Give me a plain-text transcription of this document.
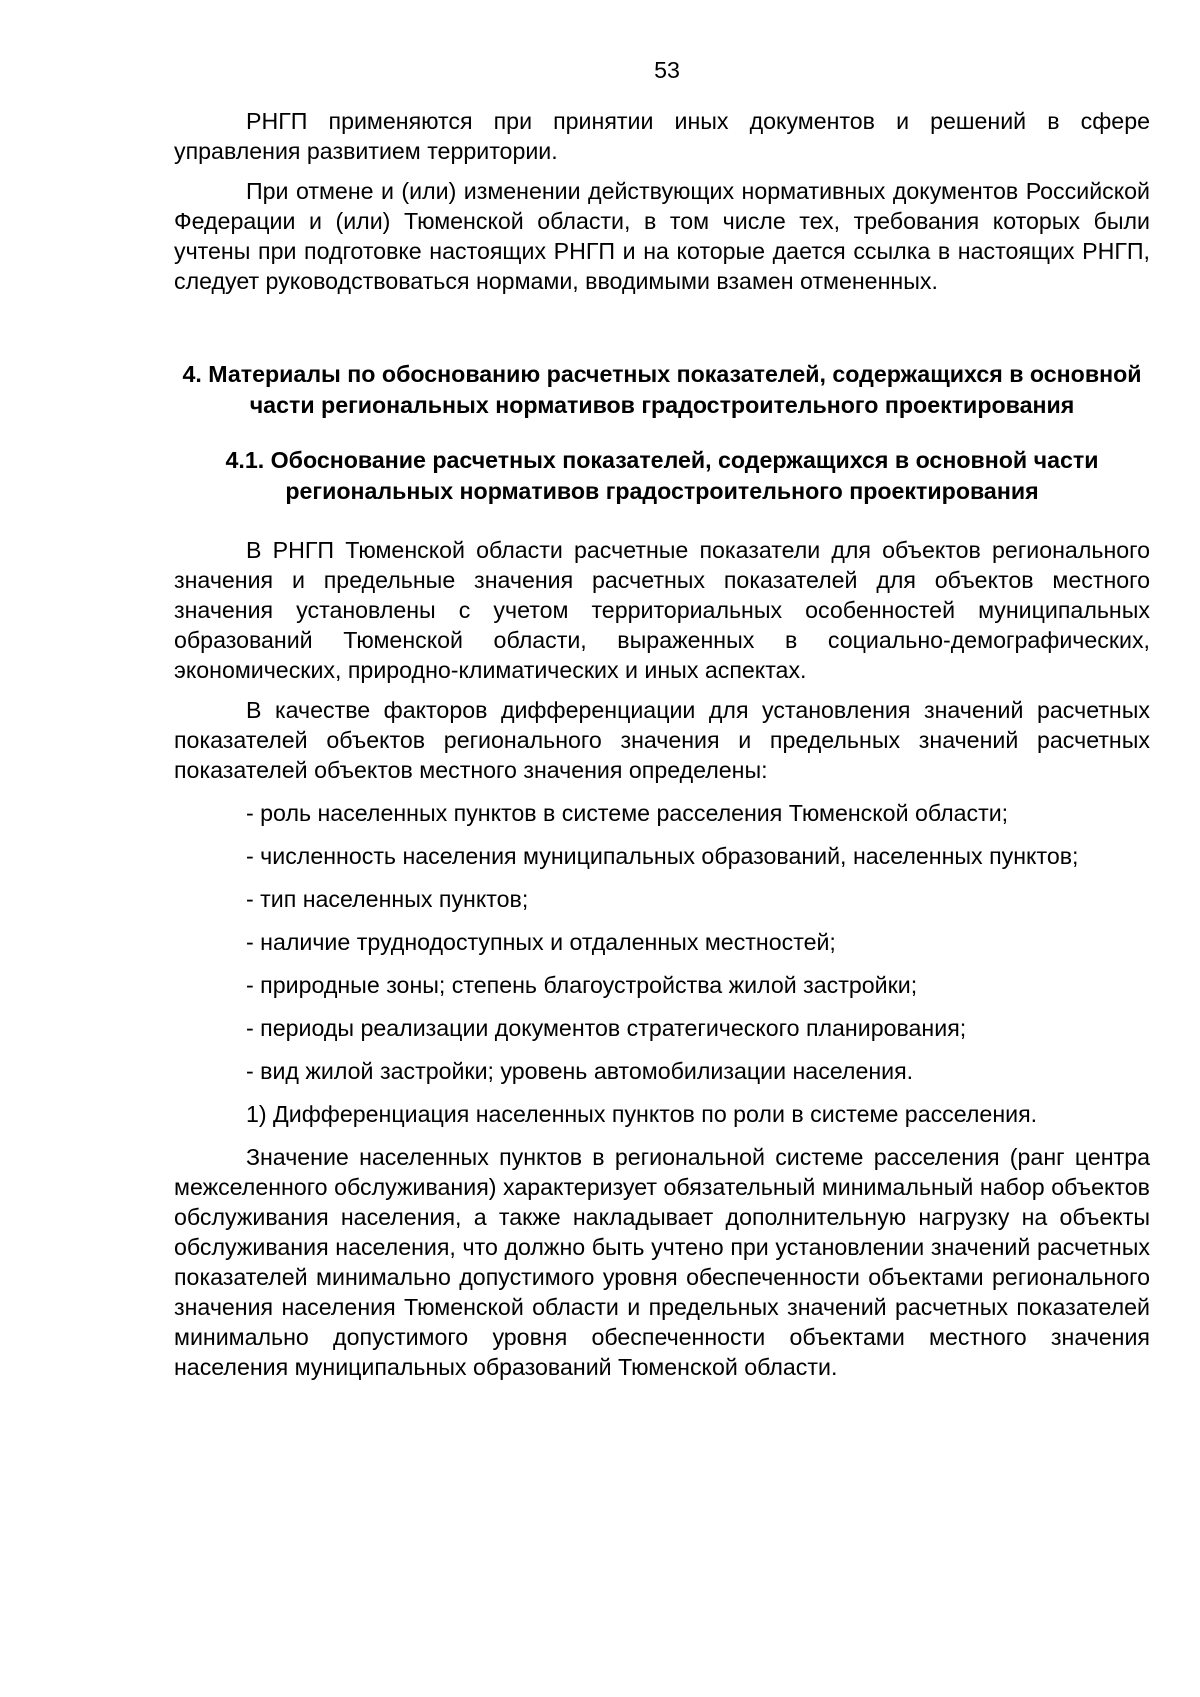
53

РНГП применяются при принятии иных документов и решений в сфере управления развитием территории.

При отмене и (или) изменении действующих нормативных документов Российской Федерации и (или) Тюменской области, в том числе тех, требования которых были учтены при подготовке настоящих РНГП и на которые дается ссылка в настоящих РНГП, следует руководствоваться нормами, вводимыми взамен отмененных.

4. Материалы по обоснованию расчетных показателей, содержащихся в основной части региональных нормативов градостроительного проектирования
4.1. Обоснование расчетных показателей, содержащихся в основной части региональных нормативов градостроительного проектирования

В РНГП Тюменской области расчетные показатели для объектов регионального значения и предельные значения расчетных показателей для объектов местного значения установлены с учетом территориальных особенностей муниципальных образований Тюменской области, выраженных в социально-демографических, экономических, природно-климатических и иных аспектах.

В качестве факторов дифференциации для установления значений расчетных показателей объектов регионального значения и предельных значений расчетных показателей объектов местного значения определены:

- роль населенных пунктов в системе расселения Тюменской области;

- численность населения муниципальных образований, населенных пунктов;

- тип населенных пунктов;

- наличие труднодоступных и отдаленных местностей;

- природные зоны; степень благоустройства жилой застройки;

- периоды реализации документов стратегического планирования;

- вид жилой застройки; уровень автомобилизации населения.

1) Дифференциация населенных пунктов по роли в системе расселения.

Значение населенных пунктов в региональной системе расселения (ранг центра межселенного обслуживания) характеризует обязательный минимальный набор объектов обслуживания населения, а также накладывает дополнительную нагрузку на объекты обслуживания населения, что должно быть учтено при установлении значений расчетных показателей минимально допустимого уровня обеспеченности объектами регионального значения населения Тюменской области и предельных значений расчетных показателей минимально допустимого уровня обеспеченности объектами местного значения населения муниципальных образований Тюменской области.
